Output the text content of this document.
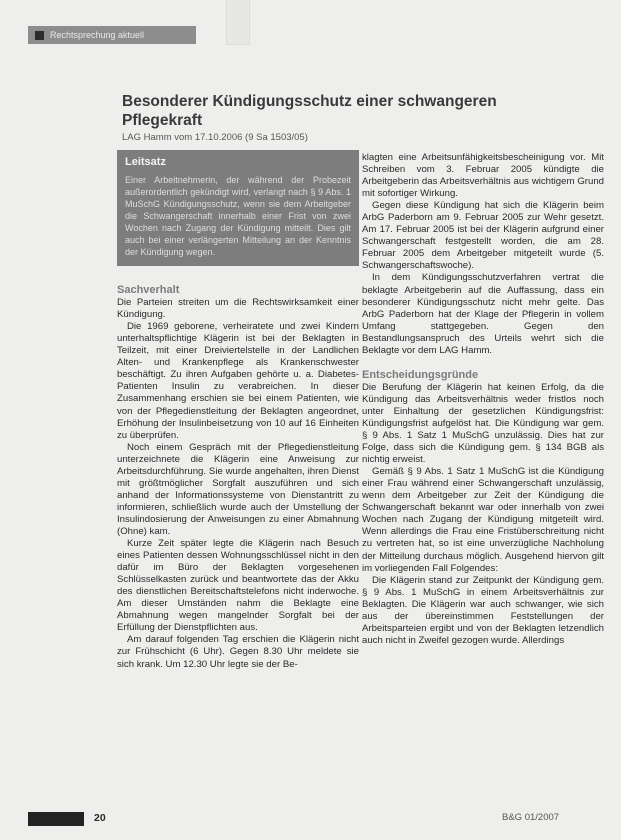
Rechtsprechung aktuell
Besonderer Kündigungsschutz einer schwangeren Pflegekraft

LAG Hamm vom 17.10.2006 (9 Sa 1503/05)

Leitsatz

Einer Arbeitnehmerin, der während der Probezeit außerordentlich gekündigt wird, verlangt nach § 9 Abs. 1 MuSchG Kündigungsschutz, wenn sie dem Arbeitgeber die Schwangerschaft innerhalb einer Frist von zwei Wochen nach Zugang der Kündigung mitteilt. Dies gilt auch bei einer verlängerten Mitteilung an der Kenntnis der Kündigung wegen.

Sachverhalt

Die Parteien streiten um die Rechtswirksamkeit einer Kündigung.

Die 1969 geborene, verheiratete und zwei Kindern unterhaltspflichtige Klägerin ist bei der Beklagten in Teilzeit, mit einer Dreiviertelstelle in der Landlichen Alten- und Krankenpflege als Krankenschwester beschäftigt. Zu ihren Aufgaben gehörte u. a. Diabetes-Patienten Insulin zu verabreichen. In dieser Zusammenhang erschien sie bei einem Patienten, wie von der Pflegedienstleitung der Beklagten angeordnet, Erhöhung der Insulinbeisetzung von 10 auf 16 Einheiten zu überprüfen.

Noch einem Gespräch mit der Pflegedienstleitung unterzeichnete die Klägerin eine Anweisung zur Arbeitsdurchführung. Sie wurde angehalten, ihren Dienst mit größtmöglicher Sorgfalt auszuführen und sich anhand der Informationssysteme von Dienstantritt zu informieren, schließlich wurde auch der Umstellung der Insulindosierung der Anweisungen zu einer Abmahnung (Ohne) kam.

Kurze Zeit später legte die Klägerin nach Besuch eines Patienten dessen Wohnungsschlüssel nicht in den dafür im Büro der Beklagten vorgesehenen Schlüsselkasten zurück und beantwortete das der Akku des dienstlichen Bereitschaftstelefons nicht inderwoche. Am dieser Umständen nahm die Beklagte eine Abmahnung wegen mangelnder Sorgfalt bei der Erfüllung der Dienstpflichten aus.

Am darauf folgenden Tag erschien die Klägerin nicht zur Frühschicht (6 Uhr). Gegen 8.30 Uhr meldete sie sich krank. Um 12.30 Uhr legte sie der Be-

klagten eine Arbeitsunfähigkeitsbescheinigung vor. Mit Schreiben vom 3. Februar 2005 kündigte die Arbeitgeberin das Arbeitsverhältnis aus wichtigem Grund mit sofortiger Wirkung.

Gegen diese Kündigung hat sich die Klägerin beim ArbG Paderborn am 9. Februar 2005 zur Wehr gesetzt. Am 17. Februar 2005 ist bei der Klägerin aufgrund einer Schwangerschaft festgestellt worden, die am 28. Februar 2005 dem Arbeitgeber mitgeteilt wurde (5. Schwangerschaftswoche).

In dem Kündigungsschutzverfahren vertrat die beklagte Arbeitgeberin auf die Auffassung, dass ein besonderer Kündigungsschutz nicht mehr gelte. Das ArbG Paderborn hat der Klage der Pflegerin in vollem Umfang stattgegeben. Gegen den Bestandlungsanspruch des Urteils wehrt sich die Beklagte vor dem LAG Hamm.

Entscheidungsgründe

Die Berufung der Klägerin hat keinen Erfolg, da die Kündigung das Arbeitsverhältnis weder fristlos noch unter Einhaltung der gesetzlichen Kündigungsfrist: Kündigungsfrist aufgelöst hat. Die Kündigung war gem. § 9 Abs. 1 Satz 1 MuSchG unzulässig. Dies hat zur Folge, dass sich die Kündigung gem. § 134 BGB als nichtig erweist.

Gemäß § 9 Abs. 1 Satz 1 MuSchG ist die Kündigung einer Frau während einer Schwangerschaft unzulässig, wenn dem Arbeitgeber zur Zeit der Kündigung die Schwangerschaft bekannt war oder innerhalb von zwei Wochen nach Zugang der Kündigung mitgeteilt wird. Wenn allerdings die Frau eine Fristüberschreitung nicht zu vertreten hat, so ist eine unverzügliche Nachholung der Mitteilung durchaus möglich. Ausgehend hiervon gilt im vorliegenden Fall Folgendes:

Die Klägerin stand zur Zeitpunkt der Kündigung gem. § 9 Abs. 1 MuSchG in einem Arbeitsverhältnis zur Beklagten. Die Klägerin war auch schwanger, wie sich aus der übereinstimmen Feststellungen der Arbeitsparteien ergibt und von der Beklagten letzendlich auch nicht in Zweifel gezogen wurde. Allerdings

20	B&G 01/2007
